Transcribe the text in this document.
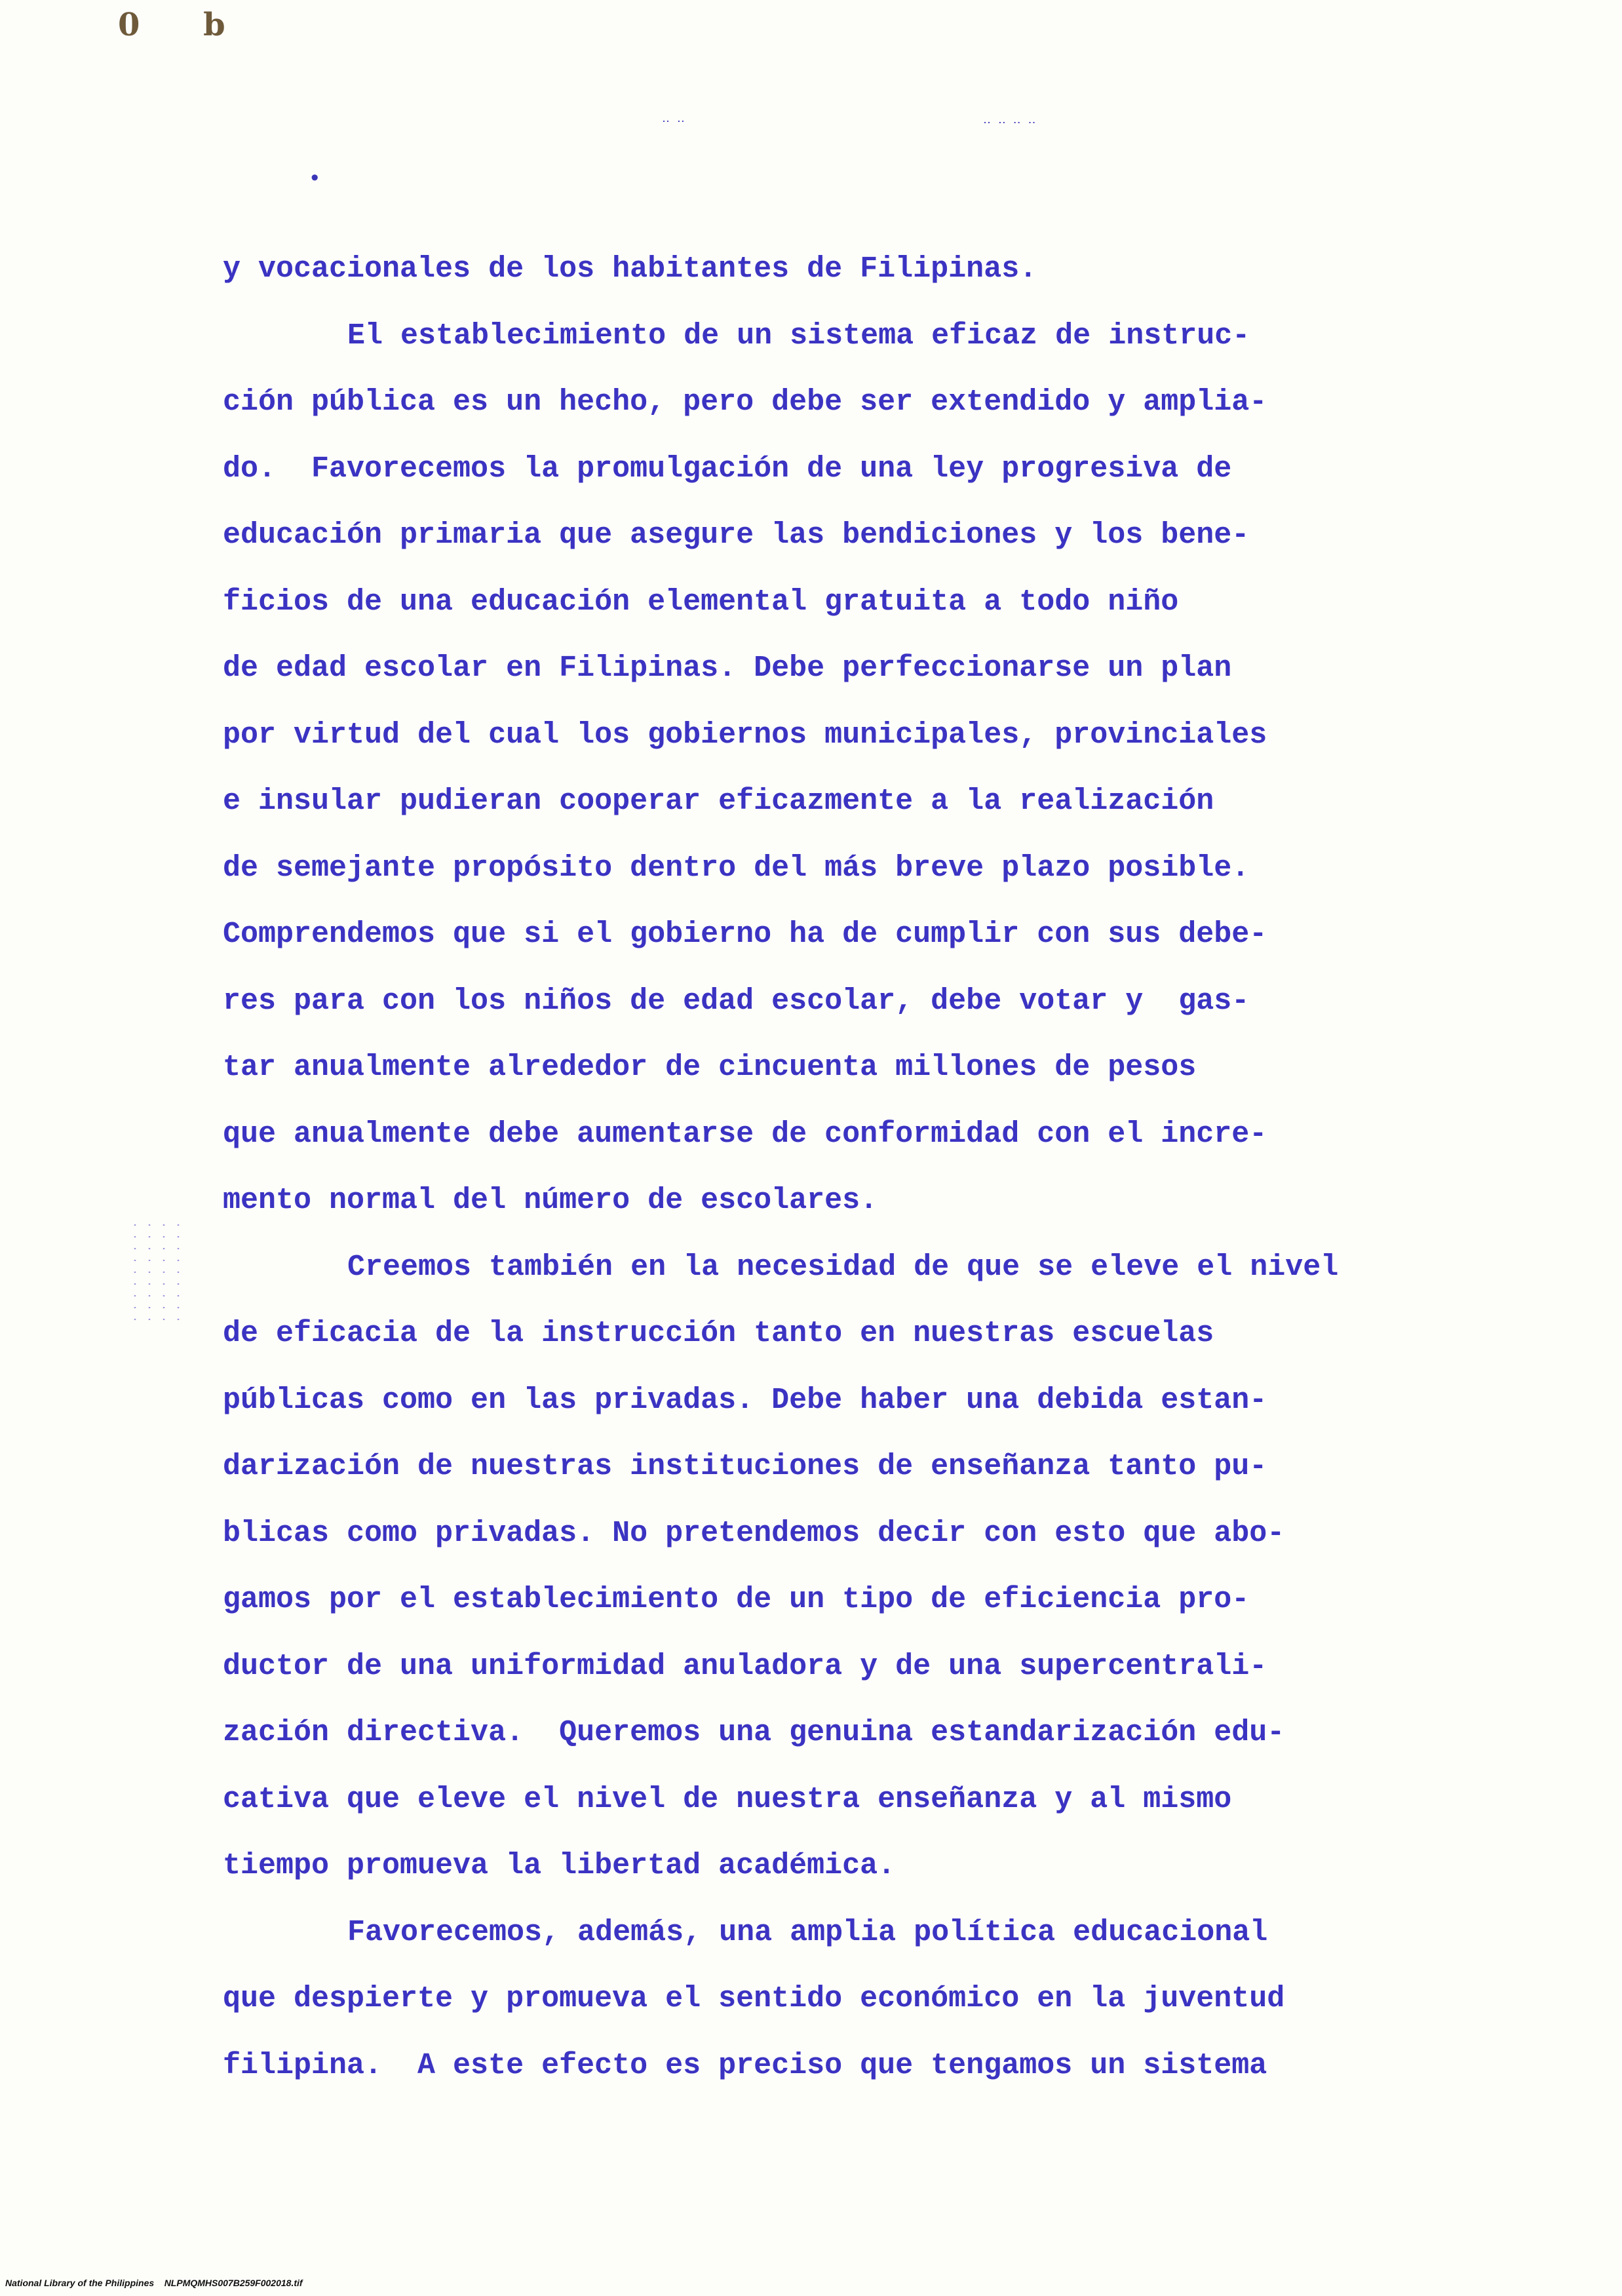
0 b
•
‥ ‥	‥ ‥ ‥ ‥
y vocacionales de los habitantes de Filipinas.
El establecimiento de un sistema eficaz de instruc-
ción pública es un hecho, pero debe ser extendido y amplia-
do.  Favorecemos la promulgación de una ley progresiva de
educación primaria que asegure las bendiciones y los bene-
ficios de una educación elemental gratuita a todo niño
de edad escolar en Filipinas. Debe perfeccionarse un plan
por virtud del cual los gobiernos municipales, provinciales
e insular pudieran cooperar eficazmente a la realización
de semejante propósito dentro del más breve plazo posible.
Comprendemos que si el gobierno ha de cumplir con sus debe-
res para con los niños de edad escolar, debe votar y  gas-
tar anualmente alrededor de cincuenta millones de pesos
que anualmente debe aumentarse de conformidad con el incre-
mento normal del número de escolares.
Creemos también en la necesidad de que se eleve el nivel
de eficacia de la instrucción tanto en nuestras escuelas
públicas como en las privadas. Debe haber una debida estan-
darización de nuestras instituciones de enseñanza tanto pu-
blicas como privadas. No pretendemos decir con esto que abo-
gamos por el establecimiento de un tipo de eficiencia pro-
ductor de una uniformidad anuladora y de una supercentrali-
zación directiva.  Queremos una genuina estandarización edu-
cativa que eleve el nivel de nuestra enseñanza y al mismo
tiempo promueva la libertad académica.
Favorecemos, además, una amplia política educacional
que despierte y promueva el sentido económico en la juventud
filipina.  A este efecto es preciso que tengamos un sistema
National Library of the Philippines    NLPMQMHS007B259F002018.tif
